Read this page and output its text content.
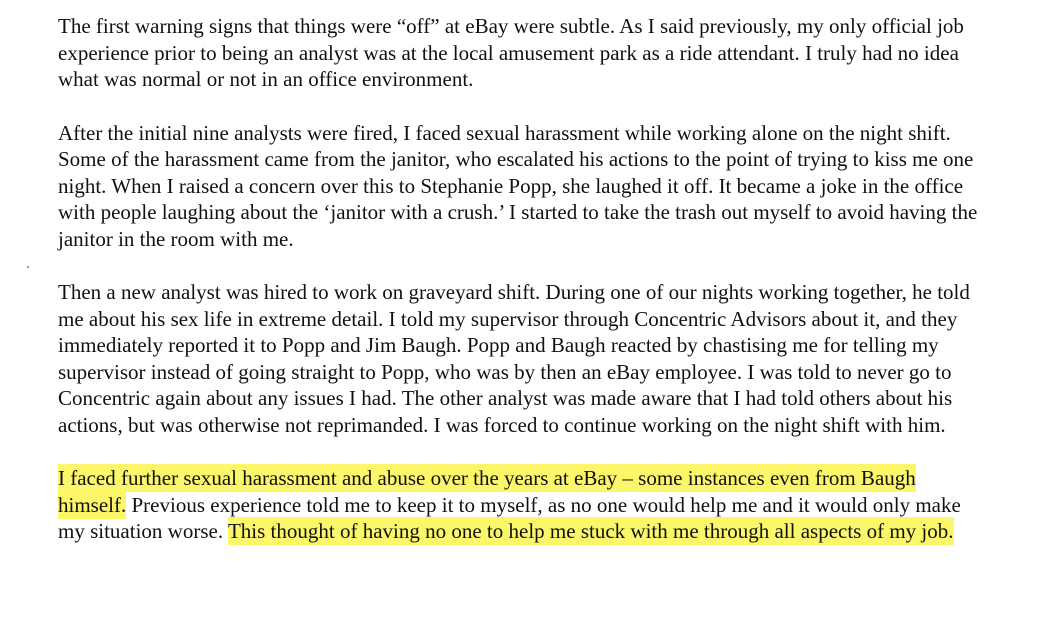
The first warning signs that things were “off” at eBay were subtle. As I said previously, my only official job experience prior to being an analyst was at the local amusement park as a ride attendant. I truly had no idea what was normal or not in an office environment.

After the initial nine analysts were fired, I faced sexual harassment while working alone on the night shift. Some of the harassment came from the janitor, who escalated his actions to the point of trying to kiss me one night. When I raised a concern over this to Stephanie Popp, she laughed it off. It became a joke in the office with people laughing about the ‘janitor with a crush.’ I started to take the trash out myself to avoid having the janitor in the room with me.

Then a new analyst was hired to work on graveyard shift. During one of our nights working together, he told me about his sex life in extreme detail. I told my supervisor through Concentric Advisors about it, and they immediately reported it to Popp and Jim Baugh. Popp and Baugh reacted by chastising me for telling my supervisor instead of going straight to Popp, who was by then an eBay employee. I was told to never go to Concentric again about any issues I had. The other analyst was made aware that I had told others about his actions, but was otherwise not reprimanded. I was forced to continue working on the night shift with him.

I faced further sexual harassment and abuse over the years at eBay – some instances even from Baugh himself. Previous experience told me to keep it to myself, as no one would help me and it would only make my situation worse. This thought of having no one to help me stuck with me through all aspects of my job.
